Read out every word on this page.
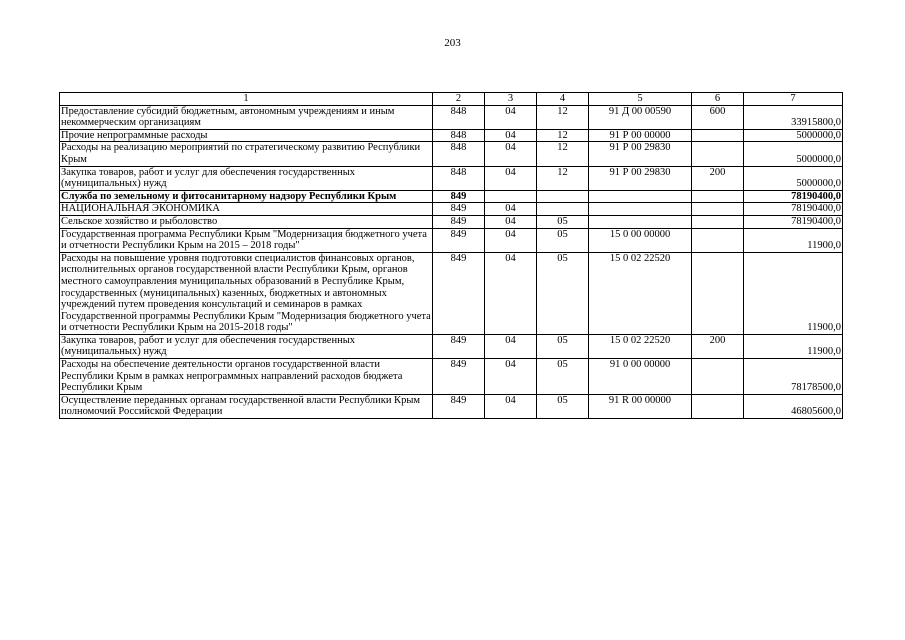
203
1	2	3	4	5	6	7
Предоставление субсидий бюджетным, автономным учреждениям и иным некоммерческим организациям	848	04	12	91 Д 00 00590	600	33915800,0
Прочие непрограммные расходы	848	04	12	91 Р 00 00000		5000000,0
Расходы на реализацию мероприятий по стратегическому развитию Республики Крым	848	04	12	91 Р 00 29830		5000000,0
Закупка товаров, работ и услуг для обеспечения государственных (муниципальных) нужд	848	04	12	91 Р 00 29830	200	5000000,0
Служба по земельному и фитосанитарному надзору Республики Крым	849					78190400,0
НАЦИОНАЛЬНАЯ ЭКОНОМИКА	849	04				78190400,0
Сельское хозяйство и рыболовство	849	04	05			78190400,0
Государственная программа Республики Крым "Модернизация бюджетного учета и отчетности Республики Крым на 2015 – 2018 годы"	849	04	05	15 0 00 00000		11900,0
Расходы на повышение уровня подготовки специалистов финансовых органов, исполнительных органов государственной власти Республики Крым, органов местного самоуправления муниципальных образований в Республике Крым, государственных (муниципальных) казенных, бюджетных и автономных учреждений путем проведения консультаций и семинаров в рамках Государственной программы Республики Крым "Модернизация бюджетного учета и отчетности Республики Крым на 2015-2018 годы"	849	04	05	15 0 02 22520		11900,0
Закупка товаров, работ и услуг для обеспечения государственных (муниципальных) нужд	849	04	05	15 0 02 22520	200	11900,0
Расходы на обеспечение деятельности органов государственной власти Республики Крым в рамках непрограммных направлений расходов бюджета Республики Крым	849	04	05	91 0 00 00000		78178500,0
Осуществление переданных органам государственной власти Республики Крым полномочий Российской Федерации	849	04	05	91 R 00 00000		46805600,0
